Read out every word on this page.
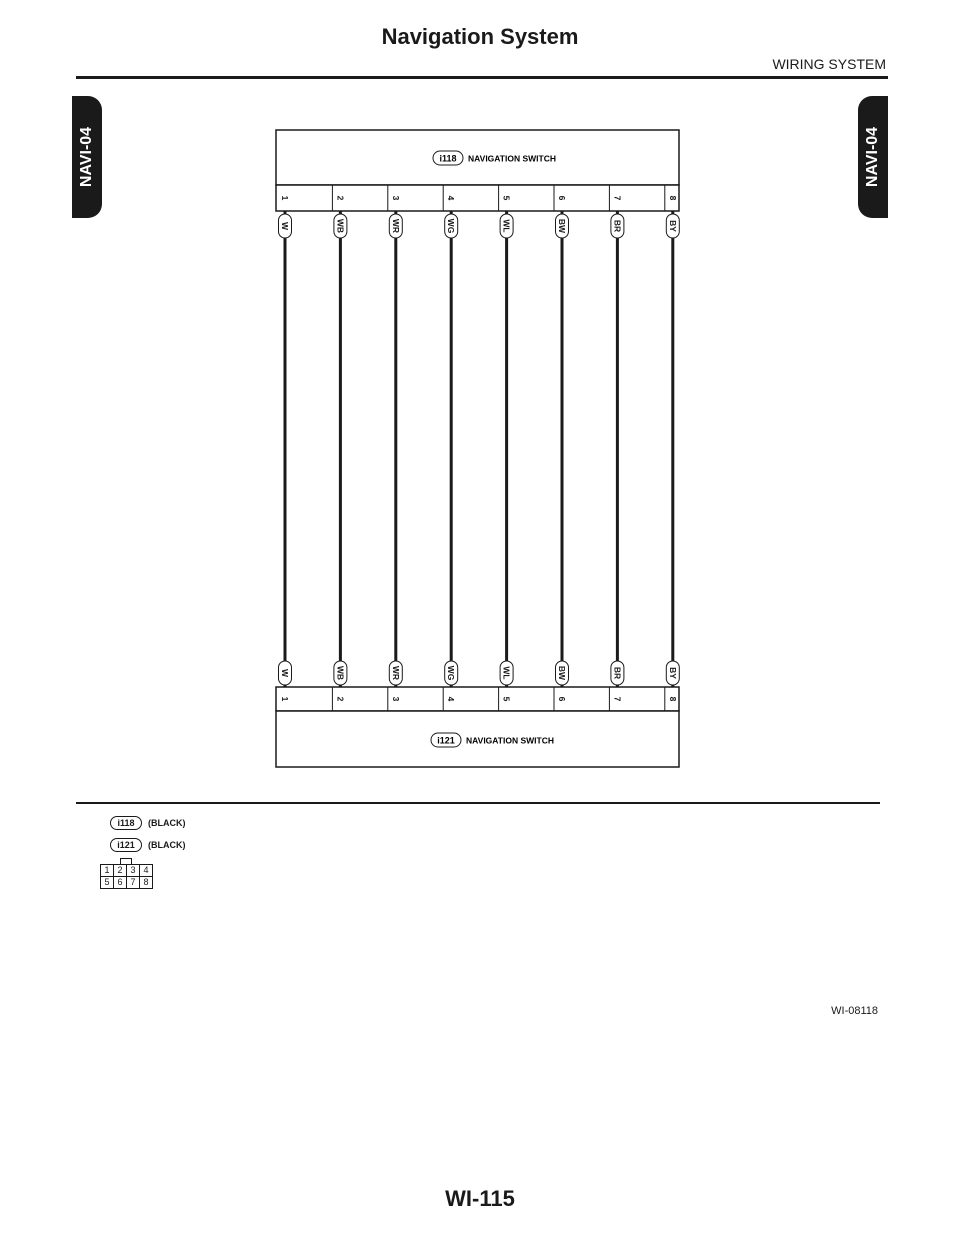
Navigation System
WIRING SYSTEM
NAVI-04	NAVI-04
i118 NAVIGATION SWITCH
1	2	3	4	5	6	7	8
i121 NAVIGATION SWITCH
1	2	3	4	5	6	7	8
W
W
WB
WB
WR
WR
WG
WG
WL
WL
BW
BW
BR
BR
BY
BY
i118	(BLACK)
i121	(BLACK)
1	2	3	4
5	6	7	8
WI-08118
WI-115
